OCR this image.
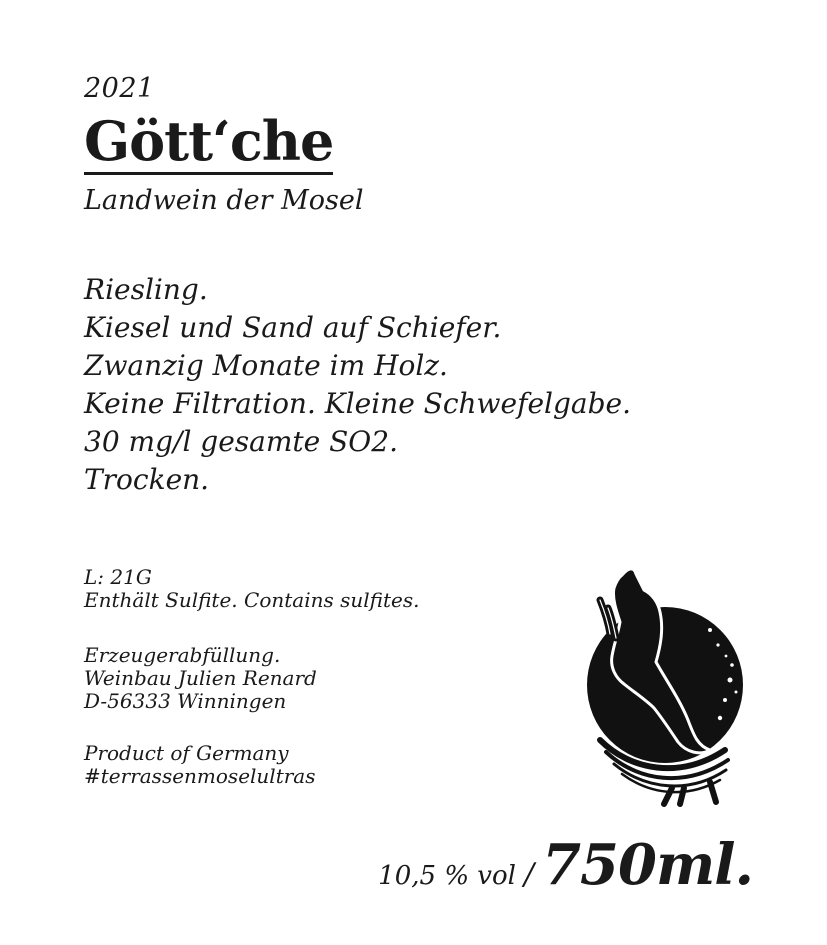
2021
Gött‘che
Landwein der Mosel
Riesling.
Kiesel und Sand auf Schiefer.
Zwanzig Monate im Holz.
Keine Filtration. Kleine Schwefelgabe.
30 mg/l gesamte SO2.
Trocken.
L: 21G
Enthält Sulfite. Contains sulfites.
Erzeugerabfüllung.
Weinbau Julien Renard
D-56333 Winningen
Product of Germany
#terrassenmoselultras
10,5 % vol / 750ml.
